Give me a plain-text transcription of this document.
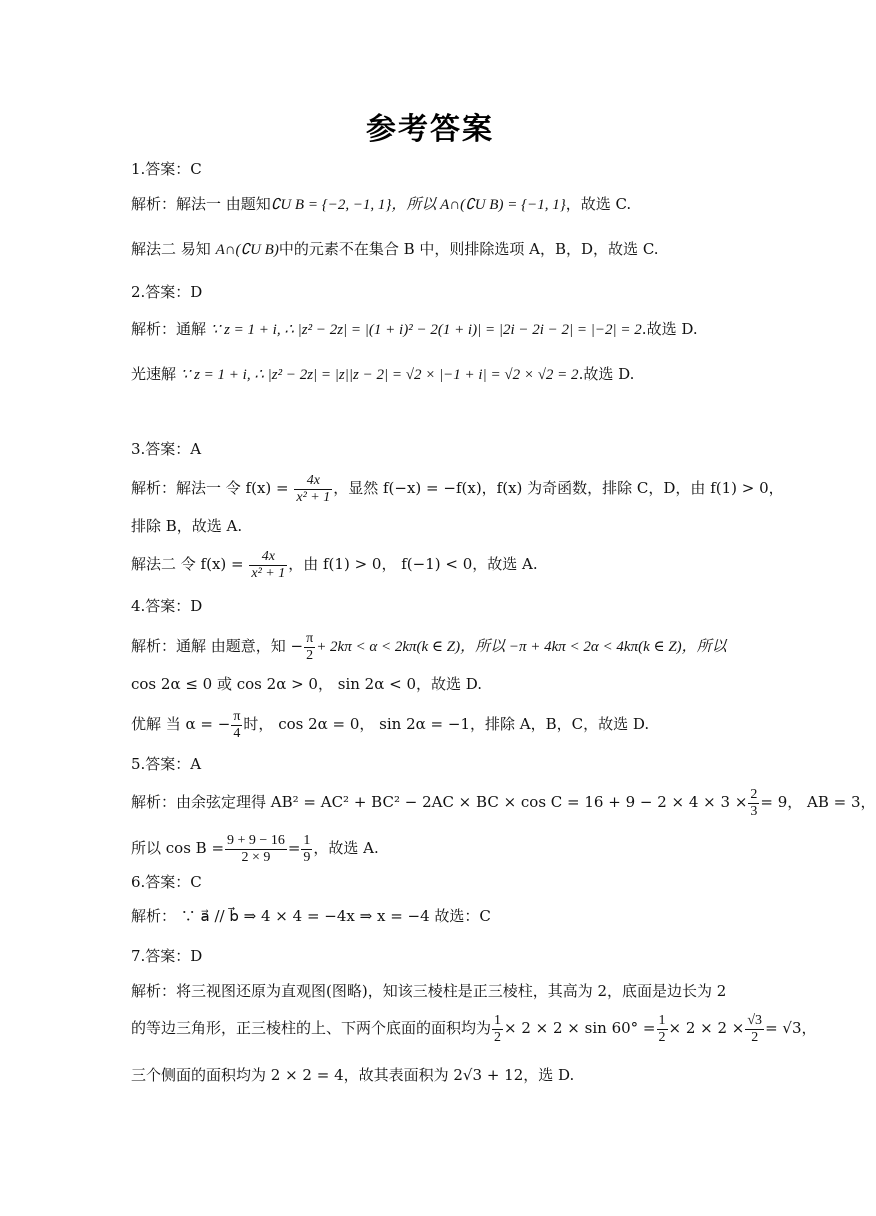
参考答案
1.答案：C
解析：解法一 由题知∁U B = {−2, −1, 1}，所以 A∩(∁U B) = {−1, 1}，故选 C.
解法二 易知 A∩(∁U B)中的元素不在集合 B 中，则排除选项 A，B，D，故选 C.
2.答案：D
解析：通解 ∵ z = 1 + i, ∴ |z² − 2z| = |(1 + i)² − 2(1 + i)| = |2i − 2i − 2| = |−2| = 2.故选 D.
光速解 ∵ z = 1 + i, ∴ |z² − 2z| = |z||z − 2| = √2 × |−1 + i| = √2 × √2 = 2.故选 D.
3.答案：A
解析：解法一 令 $f(x) = \frac{4x}{\text{x² + 1}}$ ，显然 f(−x) = −f(x)，f(x) 为奇函数，排除 C，D，由 f(1) > 0，
排除 B，故选 A.
解法二 令 $f(x) = \frac{4x}{\text{x² + 1}}$ ，由 f(1) > 0， f(−1) < 0，故选 A.
4.答案：D
解析：通解 由题意，知 − $\frac{\pi}{2} + 2k\pi < \alpha < 2k\pi(k$ ∈ Z)，所以 −π + 4kπ < 2α < 4kπ(k ∈ Z)，所以
cos 2α ≤ 0 或 cos 2α > 0， sin 2α < 0，故选 D.
优解 当 α = − $\frac{\pi}{4}$ 时， cos 2α = 0， sin 2α = −1，排除 A，B，C，故选 D.
5.答案：A
解析：由余弦定理得 AB² = AC² + BC² − 2AC × BC × $\cos C = 16 + 9 - 2 \times 4 \times 3 \times \frac{2}{3} = 9$， AB = 3，
所以 $\cos B = \frac{9 + 9 - 16}{2 \times 9} = \frac{1}{9}$ ，故选 A.
6.答案：C
解析： ∵ a⃗ // b⃗ ⇒ 4 × 4 = −4x ⇒ x = −4 故选：C
7.答案：D
解析：将三视图还原为直观图(图略)，知该三棱柱是正三棱柱，其高为 2，底面是边长为 2
的等边三角形，正三棱柱的上、下两个底面的面积均为 $\frac{1}{2} \times 2 \times 2 \times \sin 60^\circ = \frac{1}{2} \times 2 \times 2 \times \frac{√3}{2} = √3$，
三个侧面的面积均为 2 × 2 = 4，故其表面积为 2√3 + 12，选 D.
